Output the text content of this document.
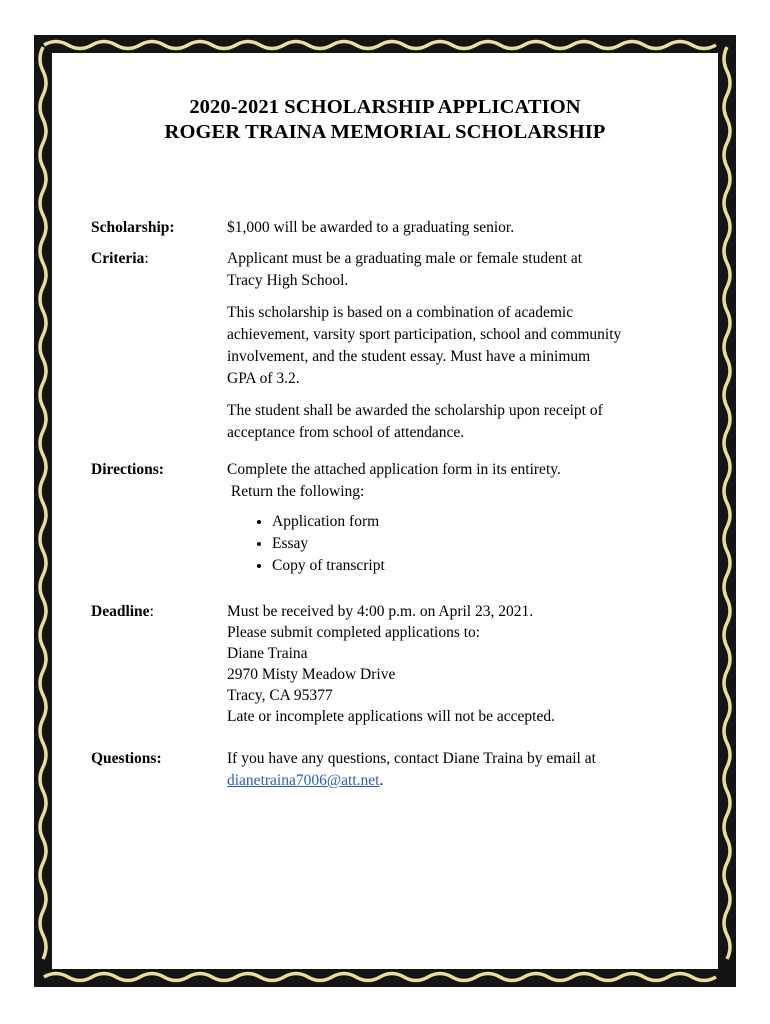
2020-2021 SCHOLARSHIP APPLICATION
ROGER TRAINA MEMORIAL SCHOLARSHIP
Scholarship:	$1,000 will be awarded to a graduating senior.
Criteria:	Applicant must be a graduating male or female student at
Tracy High School.

This scholarship is based on a combination of academic
achievement, varsity sport participation, school and community
involvement, and the student essay. Must have a minimum
GPA of 3.2.

The student shall be awarded the scholarship upon receipt of
acceptance from school of attendance.

Directions:	Complete the attached application form in its entirety.
Return the following:
• Application form
• Essay
• Copy of transcript
Deadline:	Must be received by 4:00 p.m. on April 23, 2021.
Please submit completed applications to:
Diane Traina
2970 Misty Meadow Drive
Tracy, CA 95377
Late or incomplete applications will not be accepted.
Questions:	If you have any questions, contact Diane Traina by email at
dianetraina7006@att.net.
